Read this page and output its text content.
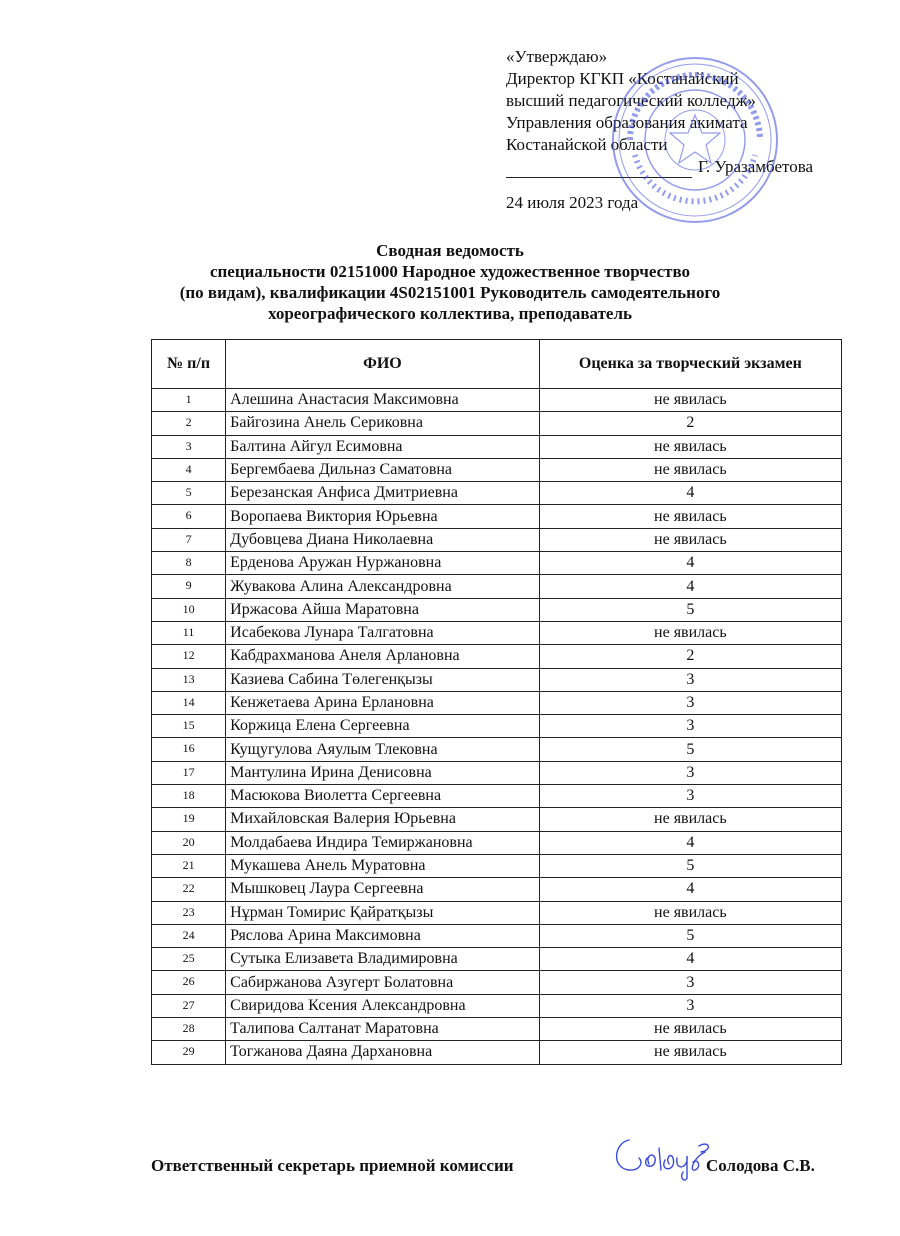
«Утверждаю»
Директор КГКП «Костанайский
высший педагогический колледж»
Управления образования акимата
Костанайской области
Г. Уразамбетова
24 июля 2023 года
Сводная ведомость
специальности 02151000 Народное художественное творчество
(по видам), квалификации 4S02151001 Руководитель самодеятельного
хореографического коллектива, преподаватель
№ п/п	ФИО	Оценка за творческий экзамен
1	Алешина Анастасия Максимовна	не явилась
2	Байгозина Анель Сериковна	2
3	Балтина Айгул Есимовна	не явилась
4	Бергембаева Дильназ Саматовна	не явилась
5	Березанская Анфиса Дмитриевна	4
6	Воропаева Виктория Юрьевна	не явилась
7	Дубовцева Диана Николаевна	не явилась
8	Ерденова Аружан Нуржановна	4
9	Жувакова Алина Александровна	4
10	Иржасова Айша Маратовна	5
11	Исабекова Лунара Талгатовна	не явилась
12	Кабдрахманова Анеля Арлановна	2
13	Казиева Сабина Төлегенқызы	3
14	Кенжетаева Арина Ерлановна	3
15	Коржица Елена Сергеевна	3
16	Кущугулова Аяулым Тлековна	5
17	Мантулина Ирина Денисовна	3
18	Масюкова Виолетта Сергеевна	3
19	Михайловская Валерия Юрьевна	не явилась
20	Молдабаева Индира Темиржановна	4
21	Мукашева Анель Муратовна	5
22	Мышковец Лаура Сергеевна	4
23	Нұрман Томирис Қайратқызы	не явилась
24	Ряслова Арина Максимовна	5
25	Сутыка Елизавета Владимировна	4
26	Сабиржанова Азугерт Болатовна	3
27	Свиридова Ксения Александровна	3
28	Талипова Салтанат Маратовна	не явилась
29	Тогжанова Даяна Дархановна	не явилась
Ответственный секретарь приемной комиссии	Солодова С.В.
